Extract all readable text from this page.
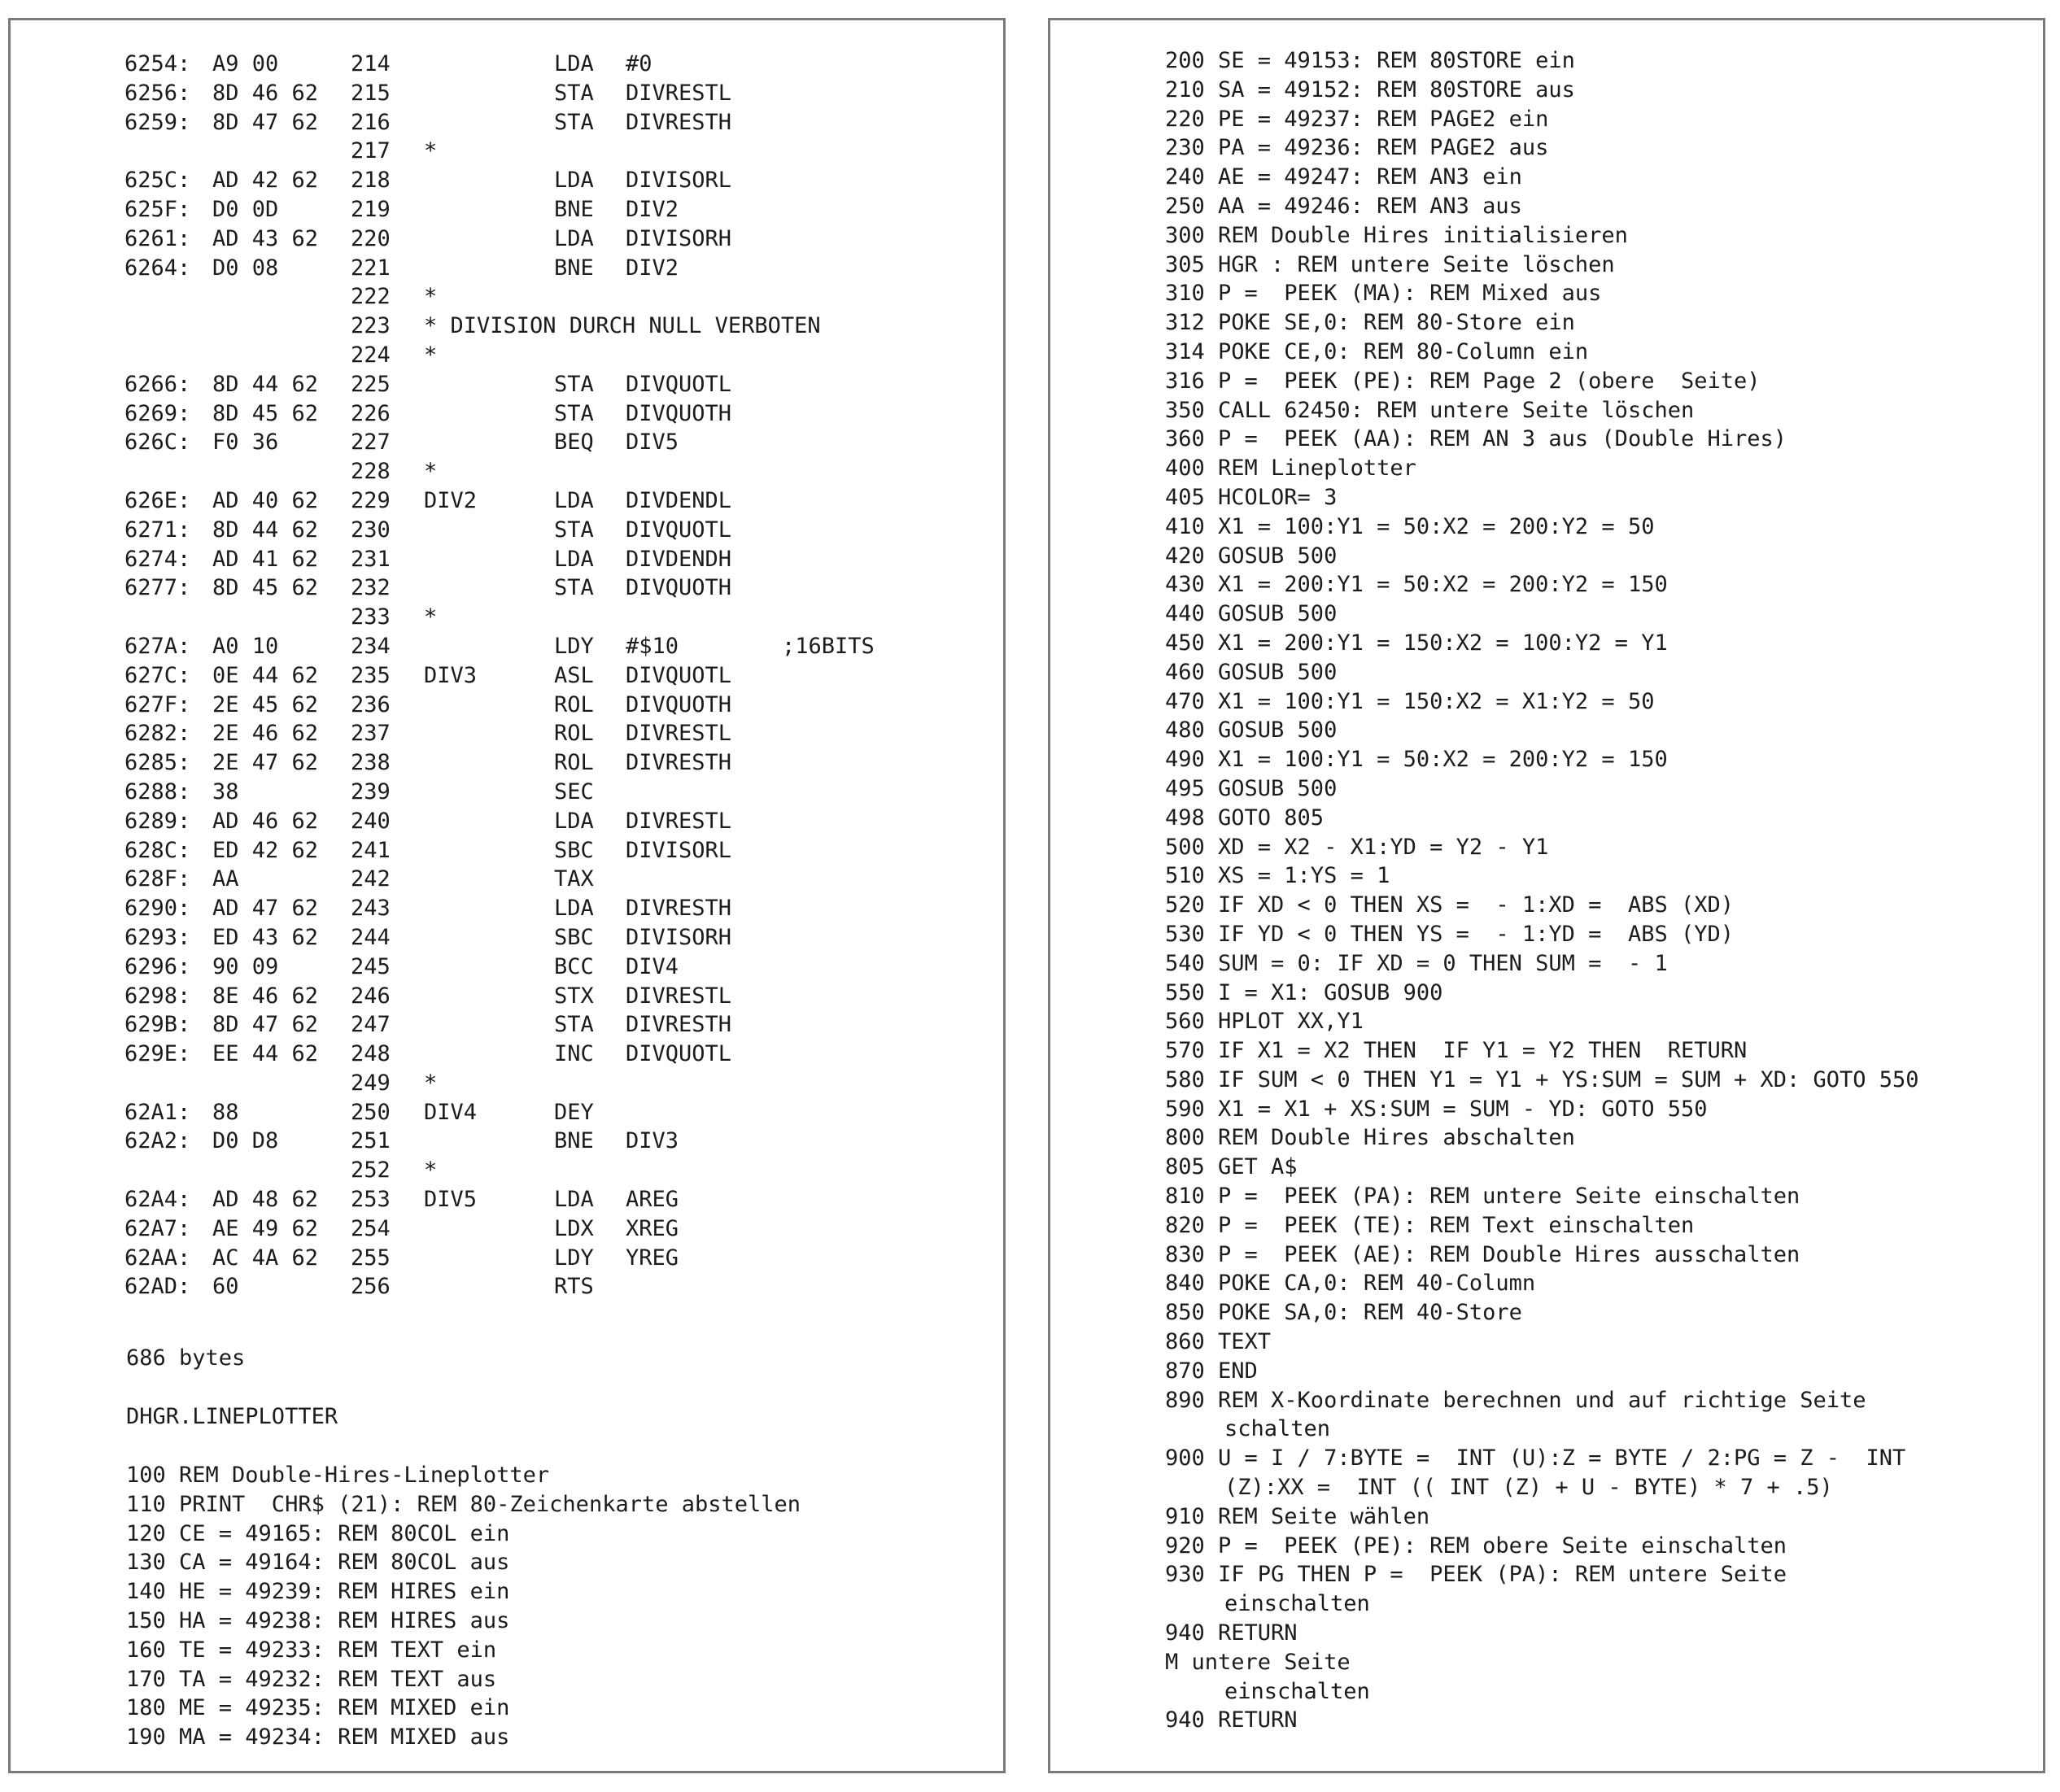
6254: A9 00	214	LDA #0
6256: 8D 46 62 215	STA DIVRESTL
6259: 8D 47 62 216	STA DIVRESTH
217 *
625C: AD 42 62 218	LDA DIVISORL
625F: D0 0D	219	BNE DIV2
6261: AD 43 62 220	LDA DIVISORH
6264: D0 08	221	BNE DIV2
222 *
223 * DIVISION DURCH NULL VERBOTEN
224 *
6266: 8D 44 62 225	STA DIVQUOTL
6269: 8D 45 62 226	STA DIVQUOTH
626C: F0 36	227	BEQ DIV5
228 *
626E: AD 40 62 229 DIV2	LDA DIVDENDL
6271: 8D 44 62 230	STA DIVQUOTL
6274: AD 41 62 231	LDA DIVDENDH
6277: 8D 45 62 232	STA DIVQUOTH
233 *
627A: A0 10	234	LDY #$10	;16BITS
627C: 0E 44 62 235 DIV3	ASL DIVQUOTL
627F: 2E 45 62 236	ROL DIVQUOTH
6282: 2E 46 62 237	ROL DIVRESTL
6285: 2E 47 62 238	ROL DIVRESTH
6288: 38	239	SEC
6289: AD 46 62 240	LDA DIVRESTL
628C: ED 42 62 241	SBC DIVISORL
628F: AA	242	TAX
6290: AD 47 62 243	LDA DIVRESTH
6293: ED 43 62 244	SBC DIVISORH
6296: 90 09	245	BCC DIV4
6298: 8E 46 62 246	STX DIVRESTL
629B: 8D 47 62 247	STA DIVRESTH
629E: EE 44 62 248	INC DIVQUOTL
249 *
62A1: 88	250 DIV4	DEY
62A2: D0 D8	251	BNE DIV3
252 *
62A4: AD 48 62 253 DIV5	LDA AREG
62A7: AE 49 62 254	LDX XREG
62AA: AC 4A 62 255	LDY YREG
62AD: 60	256	RTS
686 bytes
DHGR.LINEPLOTTER
100 REM Double-Hires-Lineplotter
110 PRINT  CHR$ (21): REM 80-Zeichenkarte abstellen
120 CE = 49165: REM 80COL ein
130 CA = 49164: REM 80COL aus
140 HE = 49239: REM HIRES ein
150 HA = 49238: REM HIRES aus
160 TE = 49233: REM TEXT ein
170 TA = 49232: REM TEXT aus
180 ME = 49235: REM MIXED ein
190 MA = 49234: REM MIXED aus
200 SE = 49153: REM 80STORE ein
210 SA = 49152: REM 80STORE aus
220 PE = 49237: REM PAGE2 ein
230 PA = 49236: REM PAGE2 aus
240 AE = 49247: REM AN3 ein
250 AA = 49246: REM AN3 aus
300 REM Double Hires initialisieren
305 HGR : REM untere Seite löschen
310 P =  PEEK (MA): REM Mixed aus
312 POKE SE,0: REM 80-Store ein
314 POKE CE,0: REM 80-Column ein
316 P =  PEEK (PE): REM Page 2 (obere  Seite)
350 CALL 62450: REM untere Seite löschen
360 P =  PEEK (AA): REM AN 3 aus (Double Hires)
400 REM Lineplotter
405 HCOLOR= 3
410 X1 = 100:Y1 = 50:X2 = 200:Y2 = 50
420 GOSUB 500
430 X1 = 200:Y1 = 50:X2 = 200:Y2 = 150
440 GOSUB 500
450 X1 = 200:Y1 = 150:X2 = 100:Y2 = Y1
460 GOSUB 500
470 X1 = 100:Y1 = 150:X2 = X1:Y2 = 50
480 GOSUB 500
490 X1 = 100:Y1 = 50:X2 = 200:Y2 = 150
495 GOSUB 500
498 GOTO 805
500 XD = X2 - X1:YD = Y2 - Y1
510 XS = 1:YS = 1
520 IF XD < 0 THEN XS =  - 1:XD =  ABS (XD)
530 IF YD < 0 THEN YS =  - 1:YD =  ABS (YD)
540 SUM = 0: IF XD = 0 THEN SUM =  - 1
550 I = X1: GOSUB 900
560 HPLOT XX,Y1
570 IF X1 = X2 THEN  IF Y1 = Y2 THEN  RETURN
580 IF SUM < 0 THEN Y1 = Y1 + YS:SUM = SUM + XD: GOTO 550
590 X1 = X1 + XS:SUM = SUM - YD: GOTO 550
800 REM Double Hires abschalten
805 GET A$
810 P =  PEEK (PA): REM untere Seite einschalten
820 P =  PEEK (TE): REM Text einschalten
830 P =  PEEK (AE): REM Double Hires ausschalten
840 POKE CA,0: REM 40-Column
850 POKE SA,0: REM 40-Store
860 TEXT
870 END
890 REM X-Koordinate berechnen und auf richtige Seite
schalten
900 U = I / 7:BYTE =  INT (U):Z = BYTE / 2:PG = Z -  INT
(Z):XX =  INT (( INT (Z) + U - BYTE) * 7 + .5)
910 REM Seite wählen
920 P =  PEEK (PE): REM obere Seite einschalten
930 IF PG THEN P =  PEEK (PA): REM untere Seite
einschalten
940 RETURN
M untere Seite
einschalten
940 RETURN
